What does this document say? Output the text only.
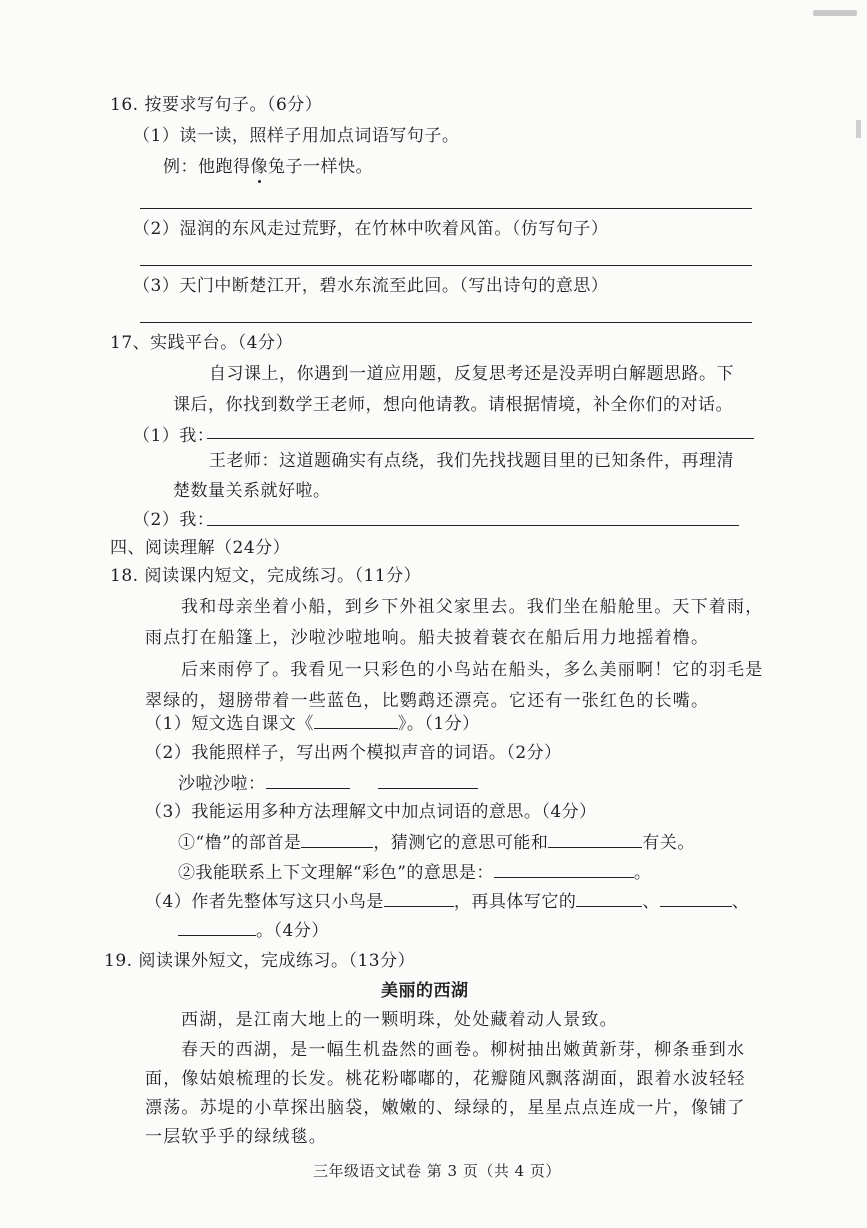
16. 按要求写句子。（6分）
（1）读一读，照样子用加点词语写句子。
例：他跑得像兔子一样快。
（2）湿润的东风走过荒野，在竹林中吹着风笛。（仿写句子）
（3）天门中断楚江开，碧水东流至此回。（写出诗句的意思）
17、实践平台。（4分）
自习课上，你遇到一道应用题，反复思考还是没弄明白解题思路。下
课后，你找到数学王老师，想向他请教。请根据情境，补全你们的对话。
（1）我：
王老师：这道题确实有点绕，我们先找找题目里的已知条件，再理清
楚数量关系就好啦。
（2）我：
四、阅读理解（24分）
18. 阅读课内短文，完成练习。（11分）
我和母亲坐着小船，到乡下外祖父家里去。我们坐在船舱里。天下着雨，
雨点打在船篷上，沙啦沙啦地响。船夫披着蓑衣在船后用力地摇着橹。
后来雨停了。我看见一只彩色的小鸟站在船头，多么美丽啊！它的羽毛是
翠绿的，翅膀带着一些蓝色，比鹦鹉还漂亮。它还有一张红色的长嘴。
（1）短文选自课文《	》。（1分）
（2）我能照样子，写出两个模拟声音的词语。（2分）
沙啦沙啦：
（3）我能运用多种方法理解文中加点词语的意思。（4分）
①“橹”的部首是	，猜测它的意思可能和	有关。
②我能联系上下文理解“彩色”的意思是：	。
（4）作者先整体写这只小鸟是	，再具体写它的	、	、
。（4分）
19. 阅读课外短文，完成练习。（13分）
美丽的西湖
西湖，是江南大地上的一颗明珠，处处藏着动人景致。
春天的西湖，是一幅生机盎然的画卷。柳树抽出嫩黄新芽，柳条垂到水
面，像姑娘梳理的长发。桃花粉嘟嘟的，花瓣随风飘落湖面，跟着水波轻轻
漂荡。苏堤的小草探出脑袋，嫩嫩的、绿绿的，星星点点连成一片，像铺了
一层软乎乎的绿绒毯。
三年级语文试卷 第 3 页（共 4 页）
